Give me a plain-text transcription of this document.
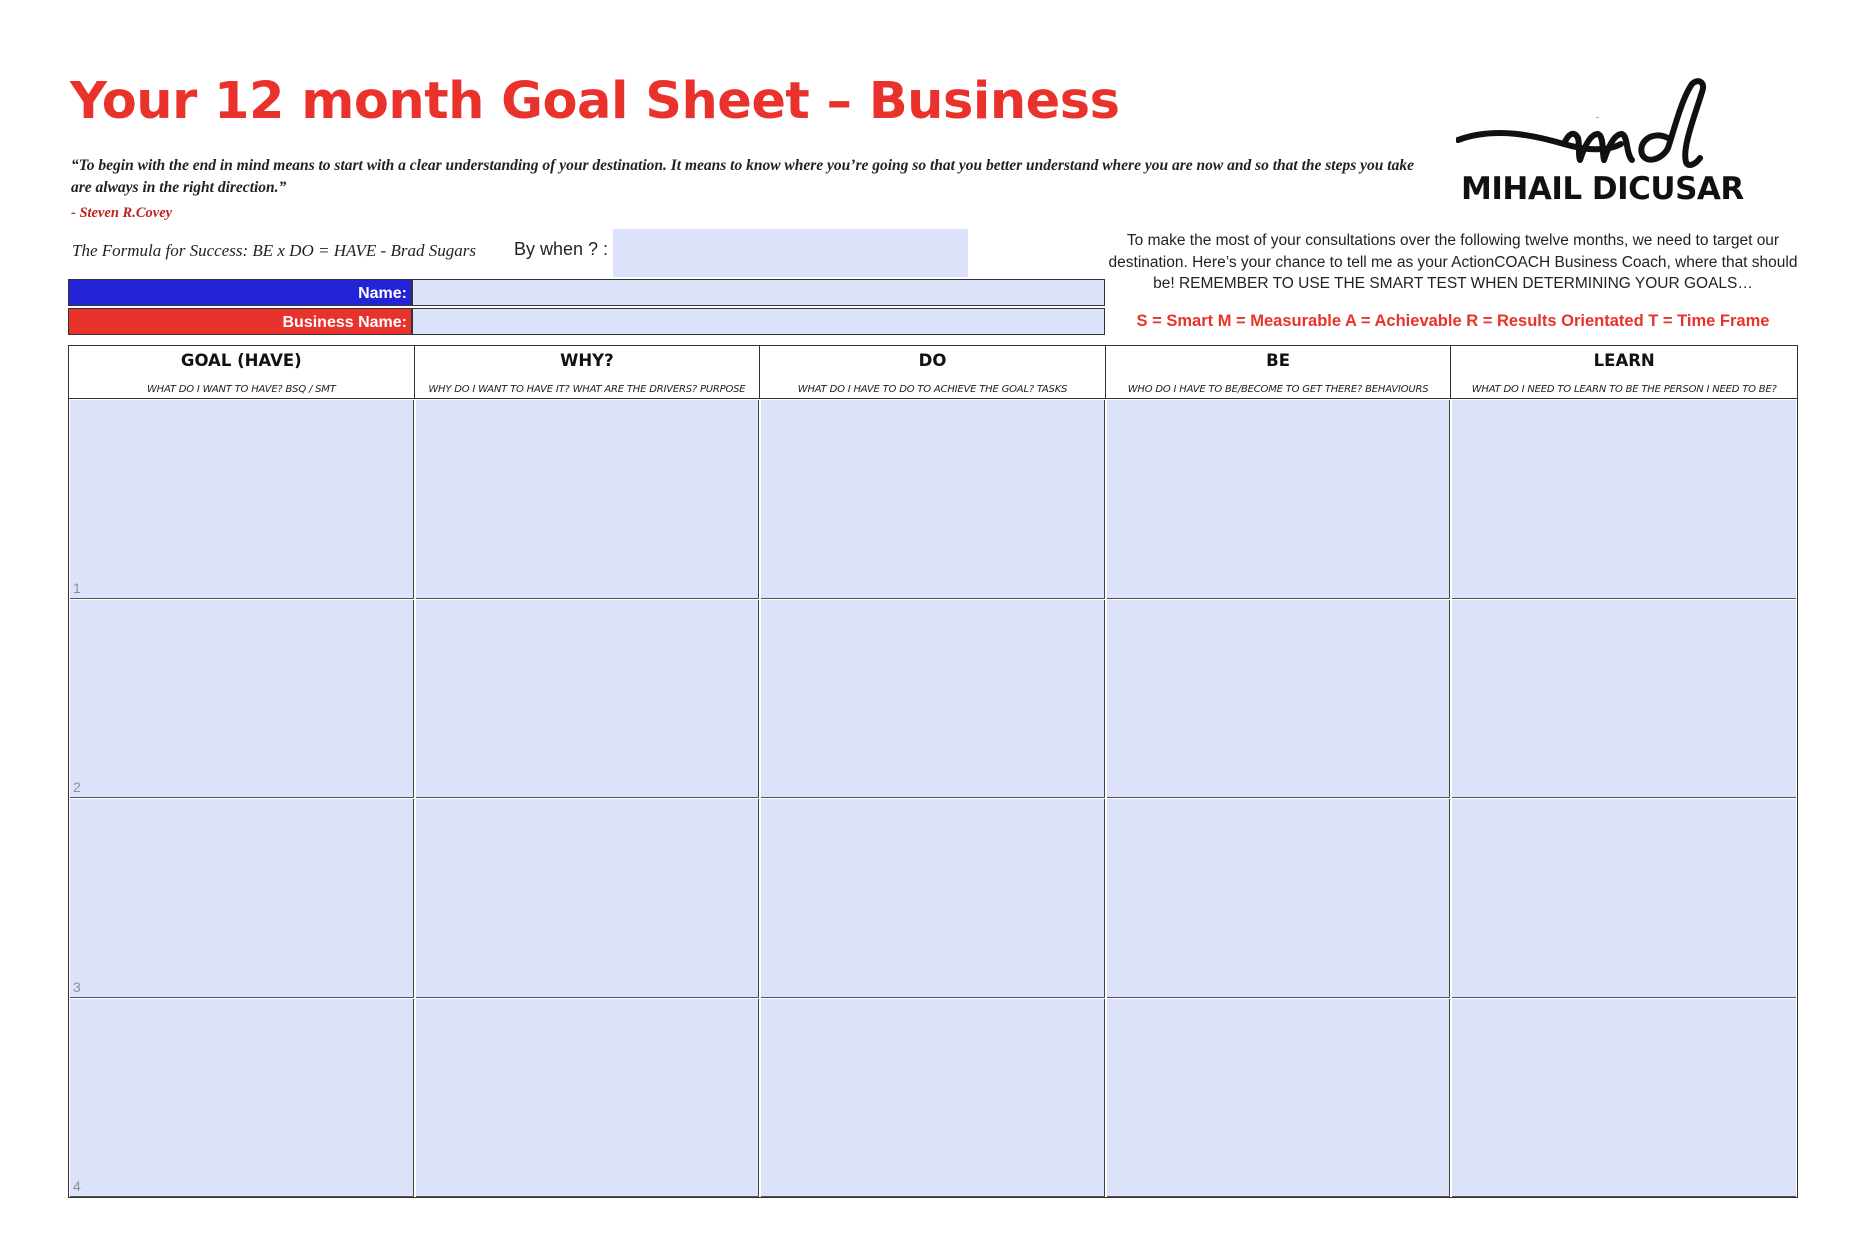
Your 12 month Goal Sheet – Business
“To begin with the end in mind means to start with a clear understanding of your destination. It means to know where you’re going so that you better understand where you are now and so that the steps you take are always in the right direction.”
- Steven R.Covey
The Formula for Success: BE x DO = HAVE - Brad Sugars By when ? :
md
MIHAIL DICUSAR
To make the most of your consultations over the following twelve months, we need to target our destination. Here’s your chance to tell me as your ActionCOACH Business Coach, where that should be! REMEMBER TO USE THE SMART TEST WHEN DETERMINING YOUR GOALS…
S = Smart M = Measurable A = Achievable R = Results Orientated T = Time Frame
Name:
Business Name:
GOAL (HAVE)
WHAT DO I WANT TO HAVE? BSQ / SMT
WHY?
WHY DO I WANT TO HAVE IT? WHAT ARE THE DRIVERS? PURPOSE
DO
WHAT DO I HAVE TO DO TO ACHIEVE THE GOAL? TASKS
BE
WHO DO I HAVE TO BE/BECOME TO GET THERE? BEHAVIOURS
LEARN
WHAT DO I NEED TO LEARN TO BE THE PERSON I NEED TO BE?
1
2
3
4
